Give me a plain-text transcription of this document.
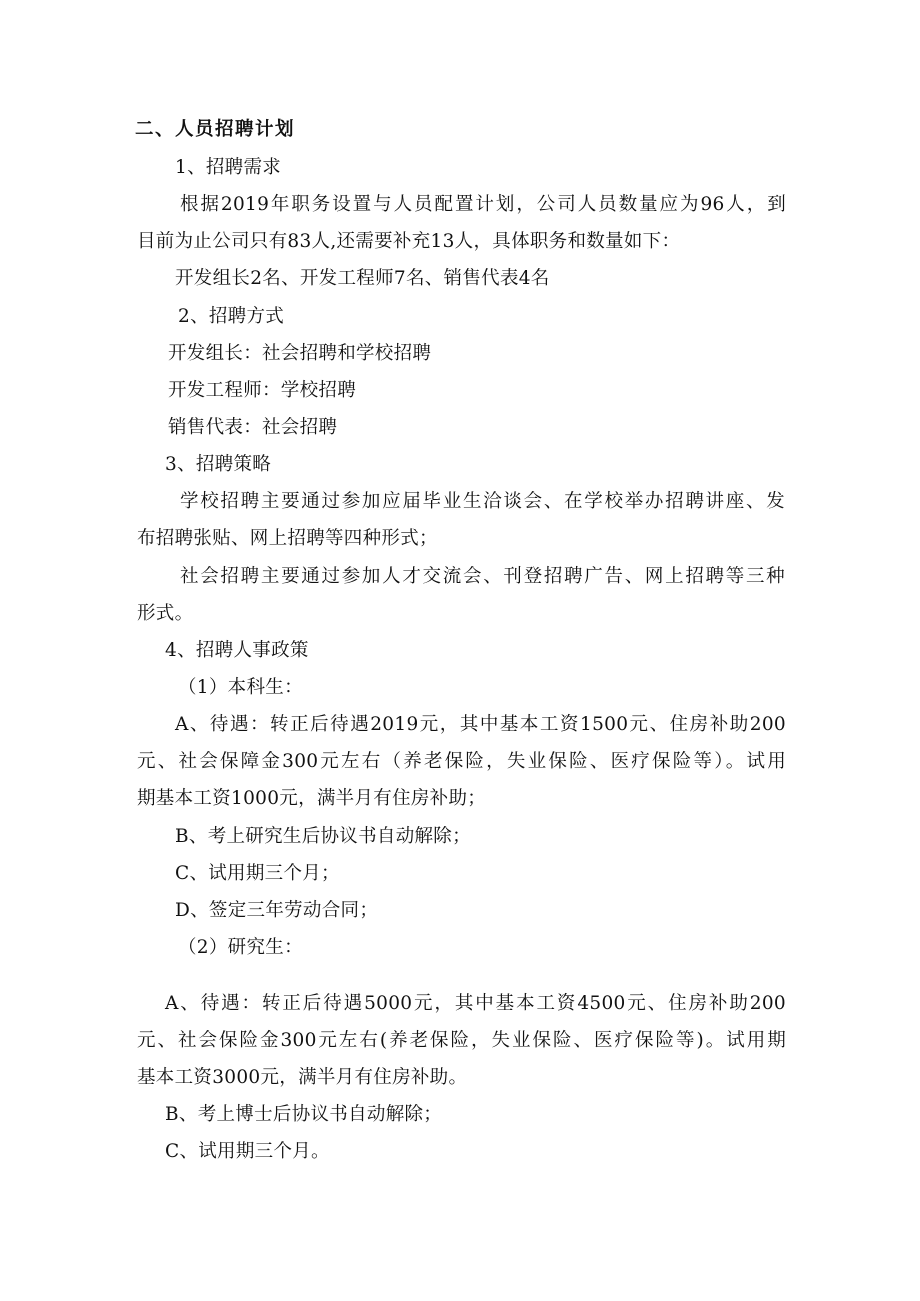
二、人员招聘计划
1、招聘需求
根据2019年职务设置与人员配置计划，公司人员数量应为96人，到
目前为止公司只有83人,还需要补充13人，具体职务和数量如下：
开发组长2名、开发工程师7名、销售代表4名
2、招聘方式
开发组长：社会招聘和学校招聘
开发工程师：学校招聘
销售代表：社会招聘
3、招聘策略
学校招聘主要通过参加应届毕业生洽谈会、在学校举办招聘讲座、发
布招聘张贴、网上招聘等四种形式；
社会招聘主要通过参加人才交流会、刊登招聘广告、网上招聘等三种
形式。
4、招聘人事政策
（1）本科生：
A、待遇：转正后待遇2019元，其中基本工资1500元、住房补助200
元、社会保障金300元左右（养老保险，失业保险、医疗保险等）。试用
期基本工资1000元，满半月有住房补助；
B、考上研究生后协议书自动解除；
C、试用期三个月；
D、签定三年劳动合同；
（2）研究生：
A、待遇：转正后待遇5000元，其中基本工资4500元、住房补助200
元、社会保险金300元左右(养老保险，失业保险、医疗保险等)。试用期
基本工资3000元，满半月有住房补助。
B、考上博士后协议书自动解除；
C、试用期三个月。
